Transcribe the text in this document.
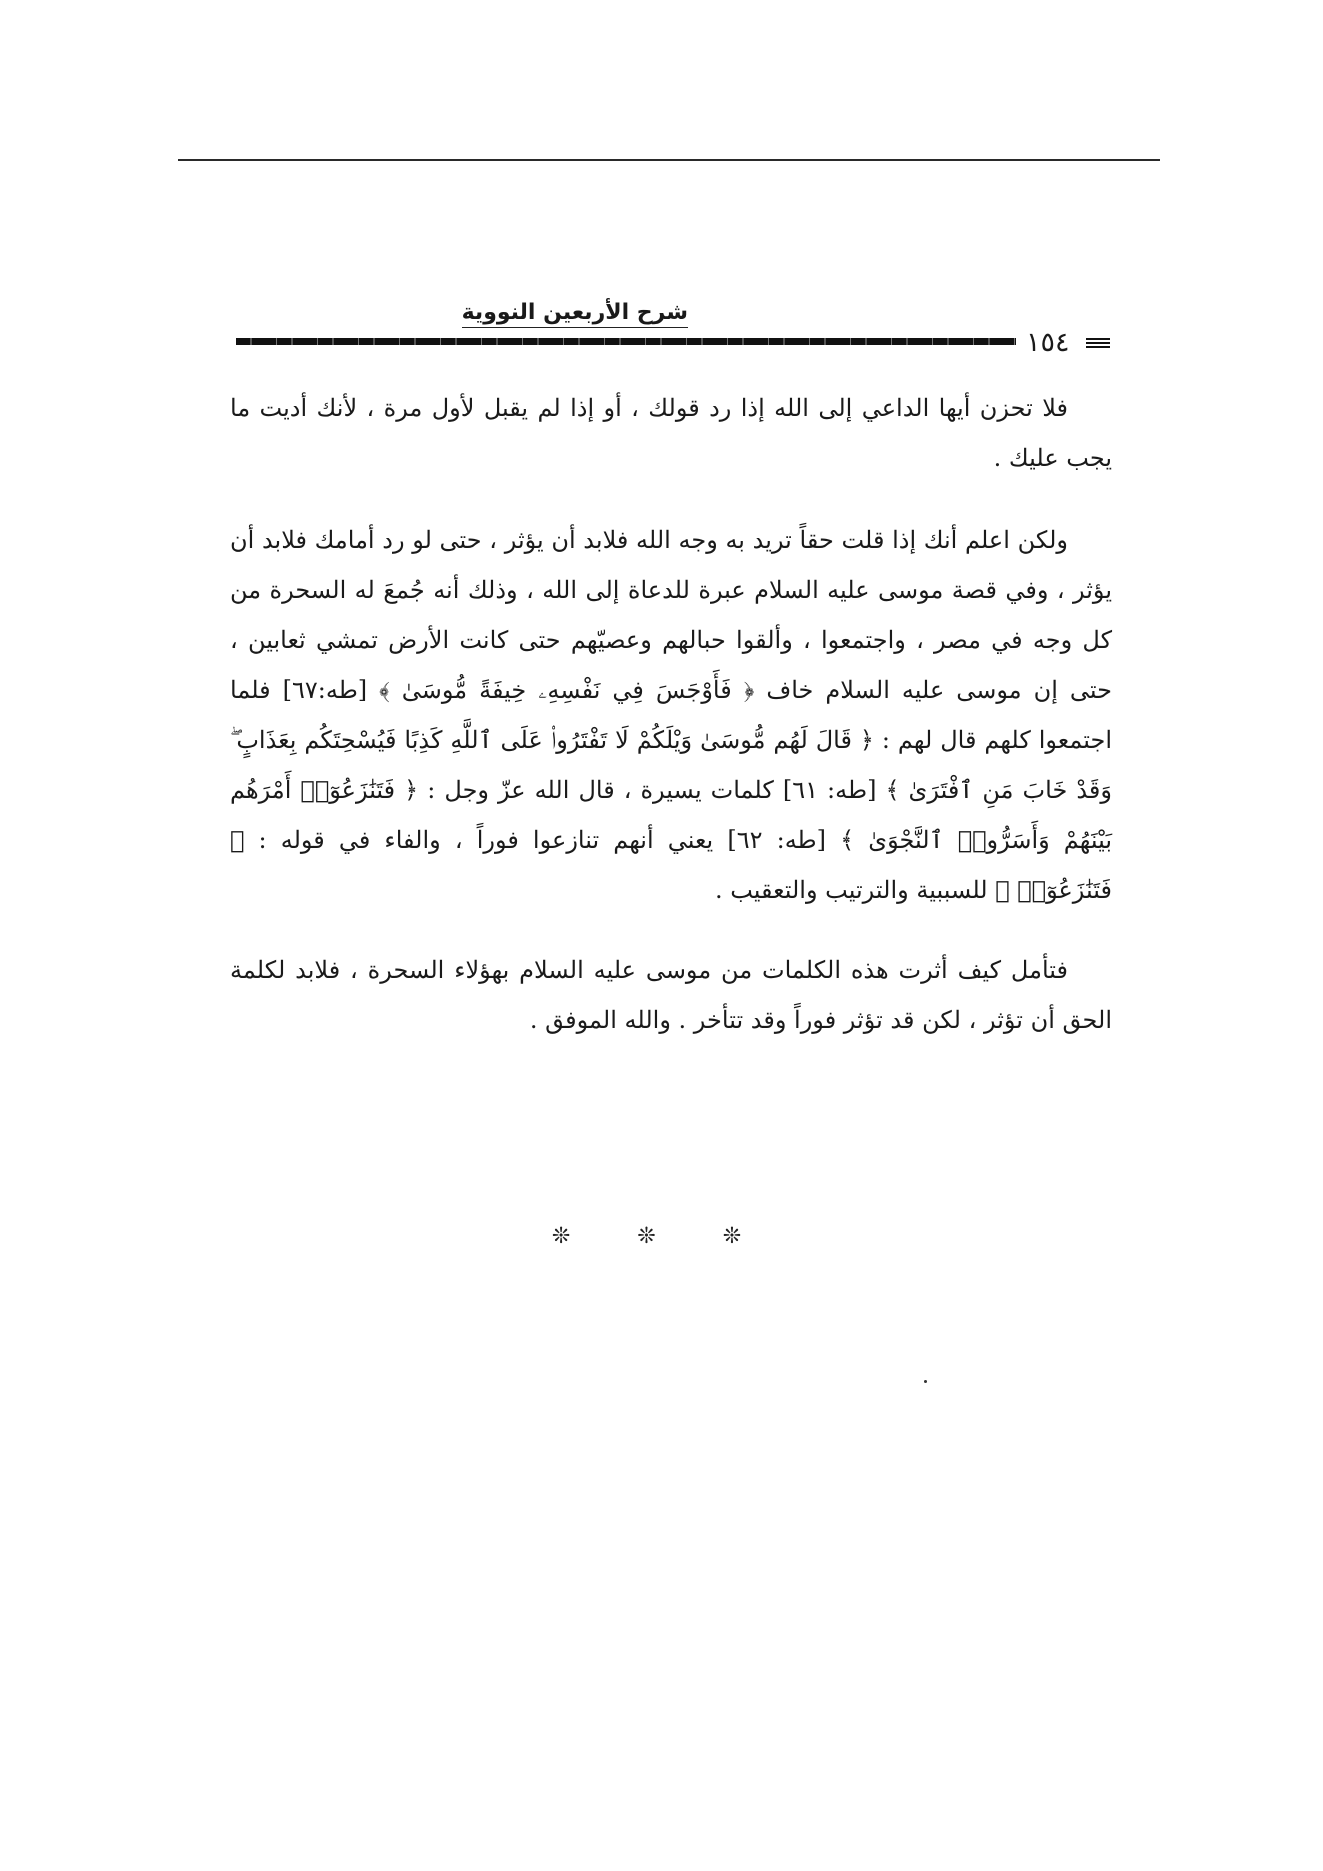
شرح الأربعين النووية
١٥٤

فلا تحزن أيها الداعي إلى الله إذا رد قولك ، أو إذا لم يقبل لأول مرة ، لأنك أديت ما يجب عليك .

ولكن اعلم أنك إذا قلت حقاً تريد به وجه الله فلابد أن يؤثر ، حتى لو رد أمامك فلابد أن يؤثر ، وفي قصة موسى عليه السلام عبرة للدعاة إلى الله ، وذلك أنه جُمعَ له السحرة من كل وجه في مصر ، واجتمعوا ، وألقوا حبالهم وعصيّهم حتى كانت الأرض تمشي ثعابين ، حتى إن موسى عليه السلام خاف ﴿ فَأَوْجَسَ فِي نَفْسِهِۦ خِيفَةً مُّوسَىٰ ﴾ [طه:٦٧] فلما اجتمعوا كلهم قال لهم : ﴿ قَالَ لَهُم مُّوسَىٰ وَيْلَكُمْ لَا تَفْتَرُوا۟ عَلَى ٱللَّهِ كَذِبًا فَيُسْحِتَكُم بِعَذَابٍ ۖ وَقَدْ خَابَ مَنِ ٱفْتَرَىٰ ﴾ [طه: ٦١] كلمات يسيرة ، قال الله عزّ وجل : ﴿ فَتَنَٰزَعُوٓا۟ أَمْرَهُم بَيْنَهُمْ وَأَسَرُّوا۟ ٱلنَّجْوَىٰ ﴾ [طه: ٦٢] يعني أنهم تنازعوا فوراً ، والفاء في قوله : ﴿ فَتَنَٰزَعُوٓا۟ ﴾ للسببية والترتيب والتعقيب .

فتأمل كيف أثرت هذه الكلمات من موسى عليه السلام بهؤلاء السحرة ، فلابد لكلمة الحق أن تؤثر ، لكن قد تؤثر فوراً وقد تتأخر . والله الموفق .

❊ ❊ ❊
